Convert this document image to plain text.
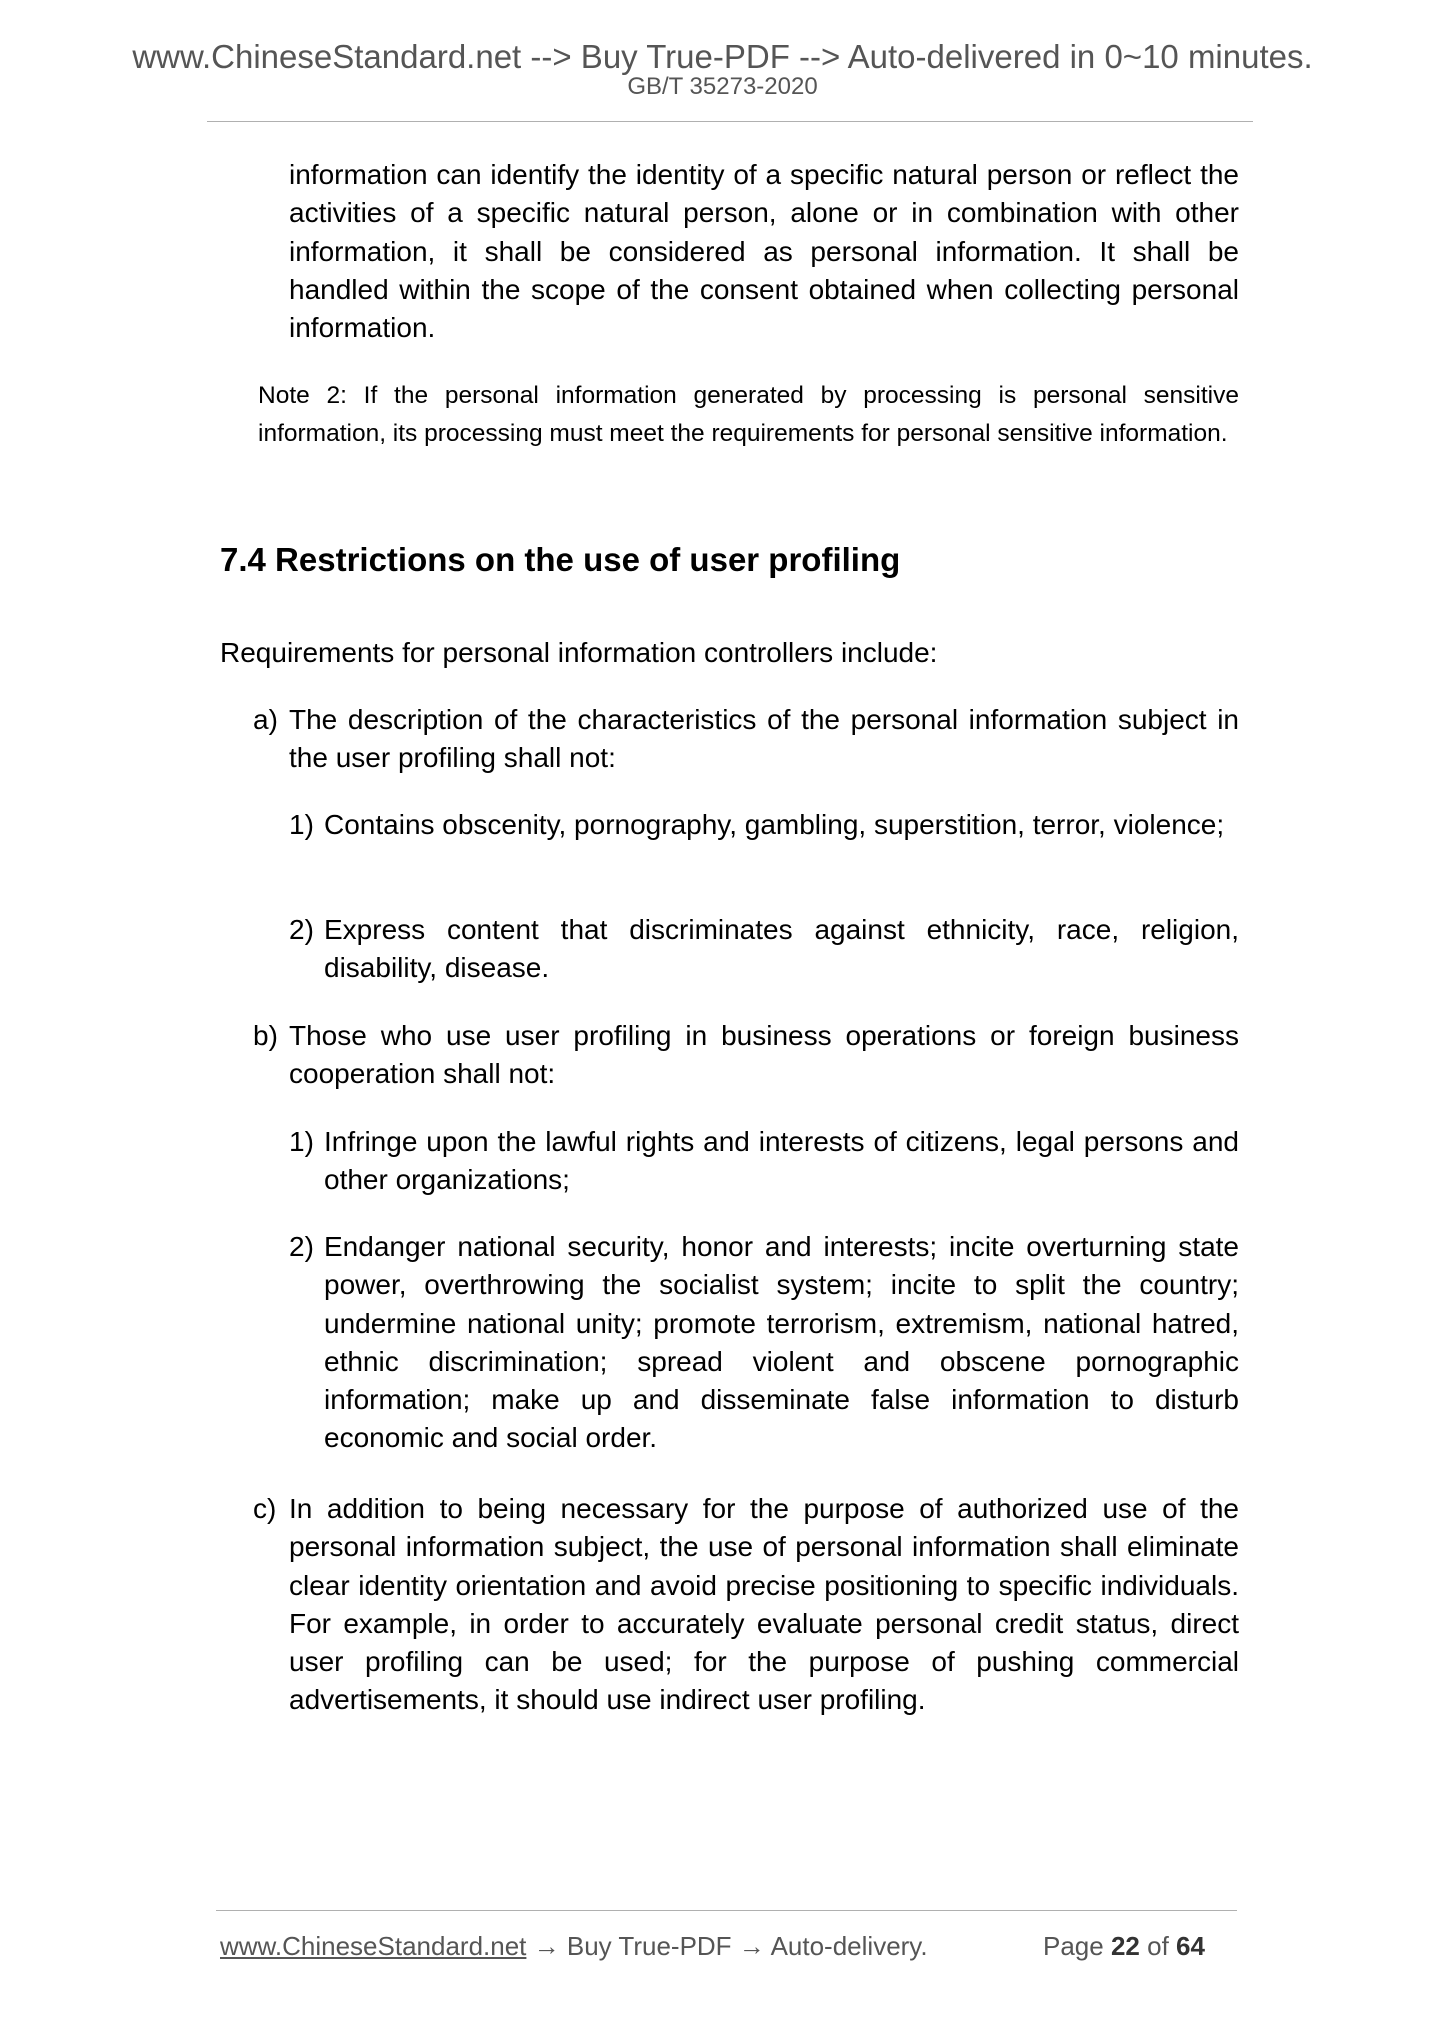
www.ChineseStandard.net --> Buy True-PDF --> Auto-delivered in 0~10 minutes.
GB/T 35273-2020

information can identify the identity of a specific natural person or reflect the activities of a specific natural person, alone or in combination with other information, it shall be considered as personal information. It shall be handled within the scope of the consent obtained when collecting personal information.

Note 2: If the personal information generated by processing is personal sensitive information, its processing must meet the requirements for personal sensitive information.

7.4 Restrictions on the use of user profiling

Requirements for personal information controllers include:

a) The description of the characteristics of the personal information subject in the user profiling shall not:

1) Contains obscenity, pornography, gambling, superstition, terror, violence;

2) Express content that discriminates against ethnicity, race, religion, disability, disease.

b) Those who use user profiling in business operations or foreign business cooperation shall not:

1) Infringe upon the lawful rights and interests of citizens, legal persons and other organizations;

2) Endanger national security, honor and interests; incite overturning state power, overthrowing the socialist system; incite to split the country; undermine national unity; promote terrorism, extremism, national hatred, ethnic discrimination; spread violent and obscene pornographic information; make up and disseminate false information to disturb economic and social order.

c) In addition to being necessary for the purpose of authorized use of the personal information subject, the use of personal information shall eliminate clear identity orientation and avoid precise positioning to specific individuals. For example, in order to accurately evaluate personal credit status, direct user profiling can be used; for the purpose of pushing commercial advertisements, it should use indirect user profiling.

www.ChineseStandard.net → Buy True-PDF → Auto-delivery.	Page 22 of 64
